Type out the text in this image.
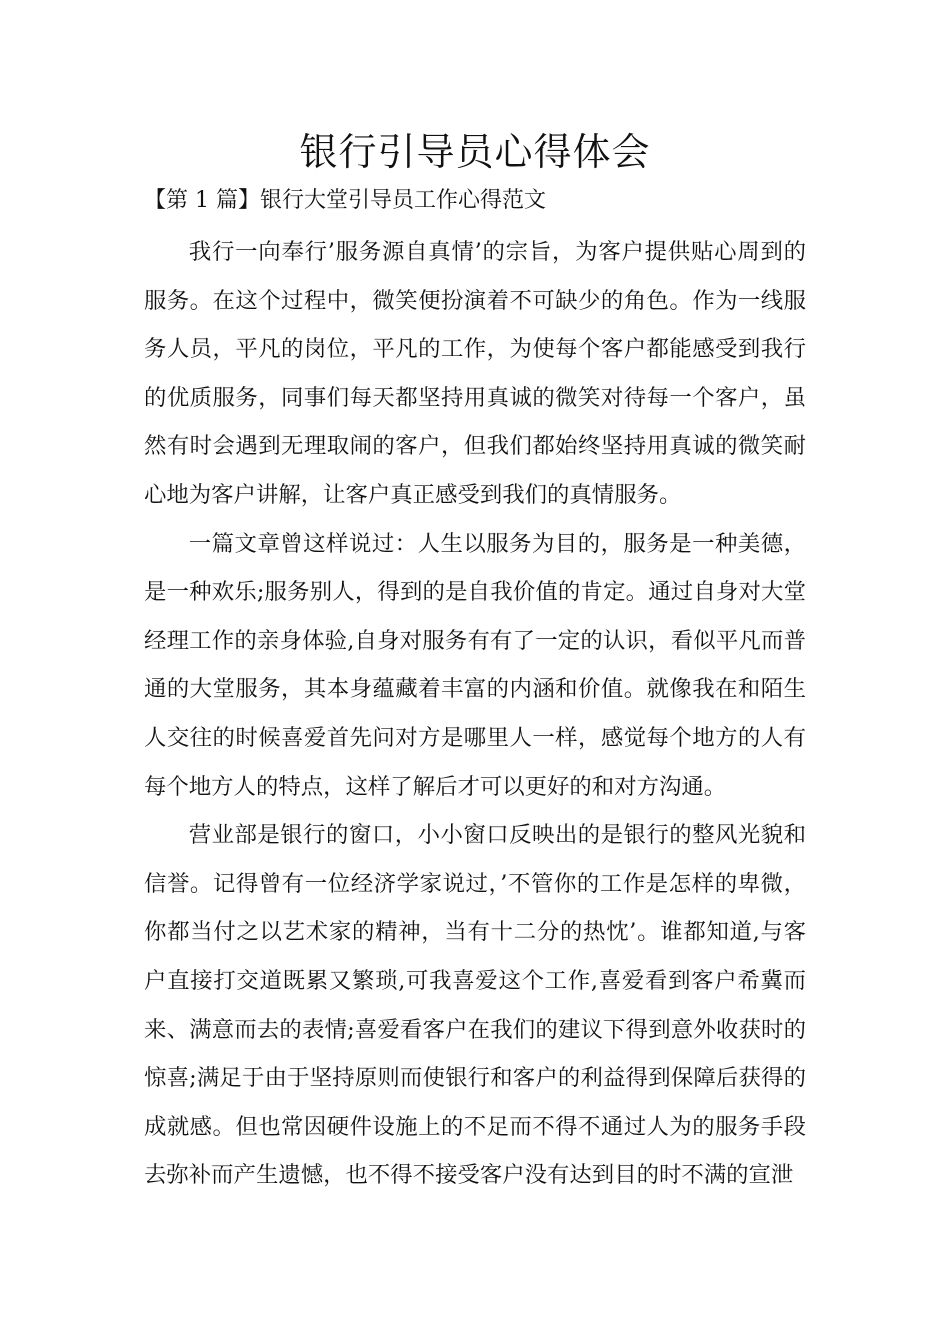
银行引导员心得体会
【第 1 篇】银行大堂引导员工作心得范文

我行一向奉行’服务源自真情’的宗旨，为客户提供贴心周到的服务。在这个过程中，微笑便扮演着不可缺少的角色。作为一线服务人员，平凡的岗位，平凡的工作，为使每个客户都能感受到我行的优质服务，同事们每天都坚持用真诚的微笑对待每一个客户，虽然有时会遇到无理取闹的客户，但我们都始终坚持用真诚的微笑耐心地为客户讲解，让客户真正感受到我们的真情服务。

一篇文章曾这样说过：人生以服务为目的，服务是一种美德，是一种欢乐;服务别人，得到的是自我价值的肯定。通过自身对大堂经理工作的亲身体验,自身对服务有有了一定的认识，看似平凡而普通的大堂服务，其本身蕴藏着丰富的内涵和价值。就像我在和陌生人交往的时候喜爱首先问对方是哪里人一样，感觉每个地方的人有每个地方人的特点，这样了解后才可以更好的和对方沟通。

营业部是银行的窗口，小小窗口反映出的是银行的整风光貌和信誉。记得曾有一位经济学家说过，’不管你的工作是怎样的卑微，你都当付之以艺术家的精神，当有十二分的热忱’。谁都知道,与客户直接打交道既累又繁琐,可我喜爱这个工作,喜爱看到客户希冀而来、满意而去的表情;喜爱看客户在我们的建议下得到意外收获时的惊喜;满足于由于坚持原则而使银行和客户的利益得到保障后获得的成就感。但也常因硬件设施上的不足而不得不通过人为的服务手段去弥补而产生遗憾，也不得不接受客户没有达到目的时不满的宣泄
